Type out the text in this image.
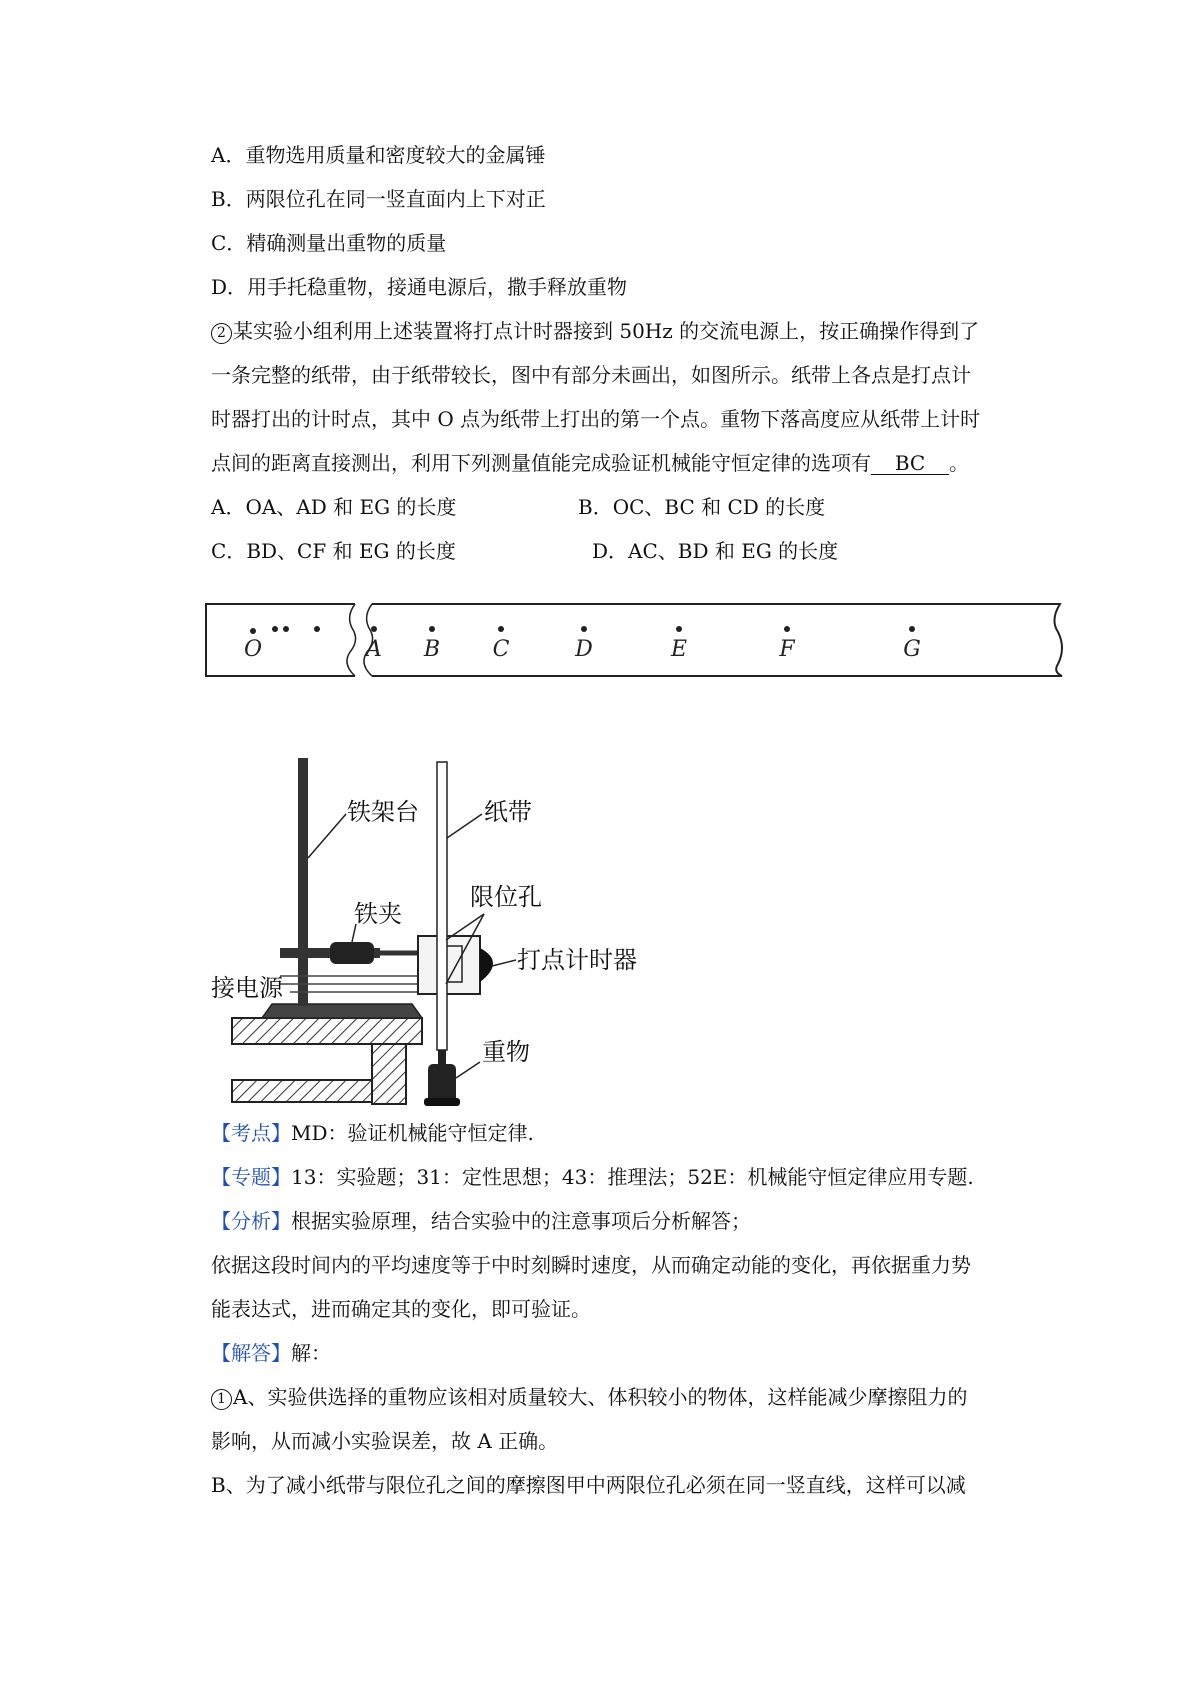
A．重物选用质量和密度较大的金属锤
B．两限位孔在同一竖直面内上下对正
C．精确测量出重物的质量
D．用手托稳重物，接通电源后，撒手释放重物
2 某实验小组利用上述装置将打点计时器接到 50Hz 的交流电源上，按正确操作得到了
一条完整的纸带，由于纸带较长，图中有部分未画出，如图所示。纸带上各点是打点计
时器打出的计时点，其中 O 点为纸带上打出的第一个点。重物下落高度应从纸带上计时
点间的距离直接测出，利用下列测量值能完成验证机械能守恒定律的选项有 BC 。
A．OA、AD 和 EG 的长度	B．OC、BC 和 CD 的长度
C．BD、CF 和 EG 的长度	D．AC、BD 和 EG 的长度
O	A B C	D	E	F	G
铁架台	纸带
限位孔
铁夹
打点计时器
接电源
重物
【考点】MD：验证机械能守恒定律.
【专题】13：实验题；31：定性思想；43：推理法；52E：机械能守恒定律应用专题.
【分析】根据实验原理，结合实验中的注意事项后分析解答；
依据这段时间内的平均速度等于中时刻瞬时速度，从而确定动能的变化，再依据重力势
能表达式，进而确定其的变化，即可验证。
【解答】解：
1 A、实验供选择的重物应该相对质量较大、体积较小的物体，这样能减少摩擦阻力的
影响，从而减小实验误差，故 A 正确。
B、为了减小纸带与限位孔之间的摩擦图甲中两限位孔必须在同一竖直线，这样可以减
